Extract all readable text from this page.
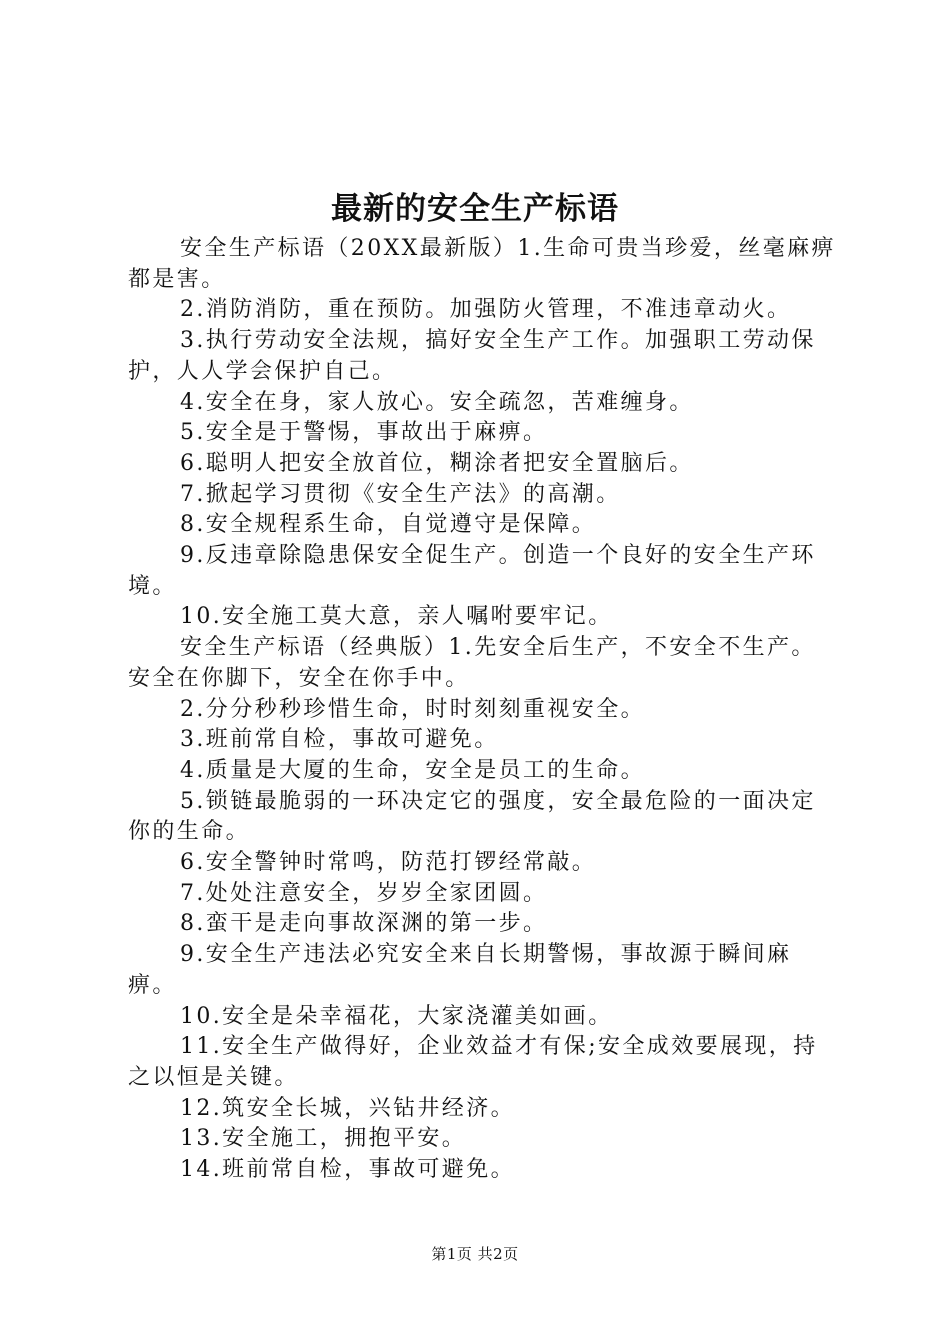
最新的安全生产标语

安全生产标语（20XX最新版）1.生命可贵当珍爱，丝毫麻痹都是害。

2.消防消防，重在预防。加强防火管理，不准违章动火。

3.执行劳动安全法规，搞好安全生产工作。加强职工劳动保护，人人学会保护自己。

4.安全在身，家人放心。安全疏忽，苦难缠身。

5.安全是于警惕，事故出于麻痹。

6.聪明人把安全放首位，糊涂者把安全置脑后。

7.掀起学习贯彻《安全生产法》的高潮。

8.安全规程系生命，自觉遵守是保障。

9.反违章除隐患保安全促生产。创造一个良好的安全生产环境。

10.安全施工莫大意，亲人嘱咐要牢记。

安全生产标语（经典版）1.先安全后生产，不安全不生产。安全在你脚下，安全在你手中。

2.分分秒秒珍惜生命，时时刻刻重视安全。

3.班前常自检，事故可避免。

4.质量是大厦的生命，安全是员工的生命。

5.锁链最脆弱的一环决定它的强度，安全最危险的一面决定你的生命。

6.安全警钟时常鸣，防范打锣经常敲。

7.处处注意安全，岁岁全家团圆。

8.蛮干是走向事故深渊的第一步。

9.安全生产违法必究安全来自长期警惕，事故源于瞬间麻痹。

10.安全是朵幸福花，大家浇灌美如画。

11.安全生产做得好，企业效益才有保;安全成效要展现，持之以恒是关键。

12.筑安全长城，兴钻井经济。

13.安全施工，拥抱平安。

14.班前常自检，事故可避免。

第1页 共2页
